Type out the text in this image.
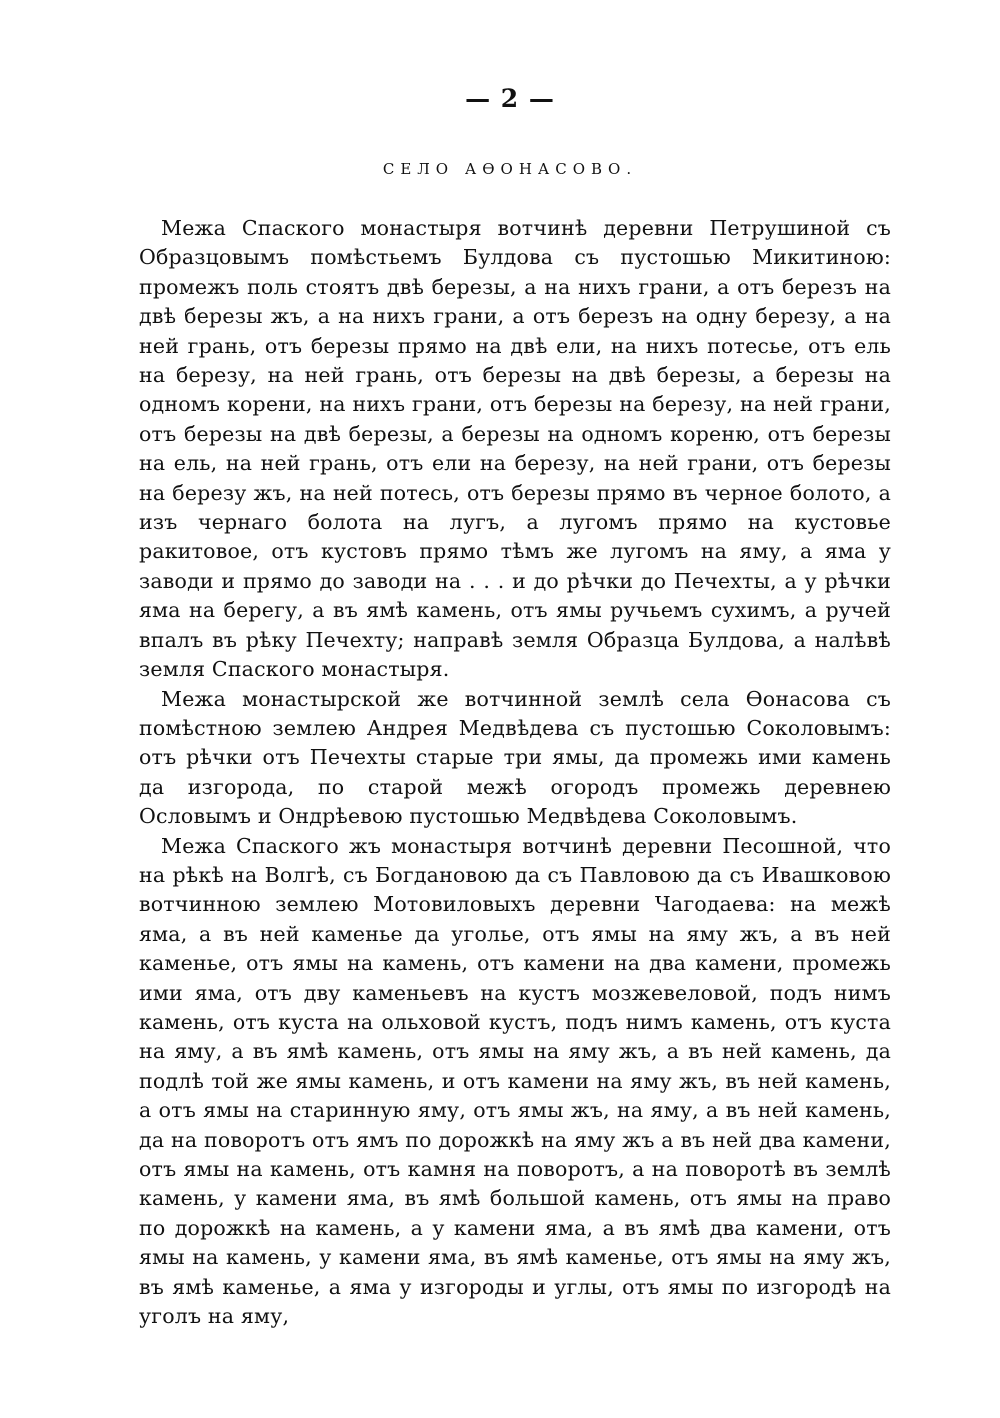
— 2 —
СЕЛО АѲОНАСОВО.

Межа Спаского монастыря вотчинѣ деревни Петрушиной съ Образцовымъ помѣстьемъ Булдова съ пустошью Микитиною: промежъ поль стоятъ двѣ березы, а на нихъ грани, а отъ березъ на двѣ березы жъ, а на нихъ грани, а отъ березъ на одну березу, а на ней грань, отъ березы прямо на двѣ ели, на нихъ потесье, отъ ель на березу, на ней грань, отъ березы на двѣ березы, а березы на одномъ корени, на нихъ грани, отъ березы на березу, на ней грани, отъ березы на двѣ березы, а березы на одномъ кореню, отъ березы на ель, на ней грань, отъ ели на березу, на ней грани, отъ березы на березу жъ, на ней потесь, отъ березы прямо въ черное болото, а изъ чернаго болота на лугъ, а лугомъ прямо на кустовье ракитовое, отъ кустовъ прямо тѣмъ же лугомъ на яму, а яма у заводи и прямо до заводи на . . . и до рѣчки до Печехты, а у рѣчки яма на берегу, а въ ямѣ камень, отъ ямы ручьемъ сухимъ, а ручей впалъ въ рѣку Печехту; направѣ земля Образца Булдова, а налѣвѣ земля Спаского монастыря.

Межа монастырской же вотчинной землѣ села Ѳонасова съ помѣстною землею Андрея Медвѣдева съ пустошью Соколовымъ: отъ рѣчки отъ Печехты старые три ямы, да промежь ими камень да изгорода, по старой межѣ огородъ промежь деревнею Ословымъ и Ондрѣевою пустошью Медвѣдева Соколовымъ.

Межа Спаского жъ монастыря вотчинѣ деревни Песошной, что на рѣкѣ на Волгѣ, съ Богдановою да съ Павловою да съ Ивашковою вотчинною землею Мотовиловыхъ деревни Чагодаева: на межѣ яма, а въ ней каменье да уголье, отъ ямы на яму жъ, а въ ней каменье, отъ ямы на камень, отъ камени на два камени, промежь ими яма, отъ дву каменьевъ на кустъ мозжевеловой, подъ нимъ камень, отъ куста на ольховой кустъ, подъ нимъ камень, отъ куста на яму, а въ ямѣ камень, отъ ямы на яму жъ, а въ ней камень, да подлѣ той же ямы камень, и отъ камени на яму жъ, въ ней камень, а отъ ямы на старинную яму, отъ ямы жъ, на яму, а въ ней камень, да на поворотъ отъ ямъ по дорожкѣ на яму жъ а въ ней два камени, отъ ямы на камень, отъ камня на поворотъ, а на поворотѣ въ землѣ камень, у камени яма, въ ямѣ большой камень, отъ ямы на право по дорожкѣ на камень, а у камени яма, а въ ямѣ два камени, отъ ямы на камень, у камени яма, въ ямѣ каменье, отъ ямы на яму жъ, въ ямѣ каменье, а яма у изгороды и углы, отъ ямы по изгородѣ на уголъ на яму,
